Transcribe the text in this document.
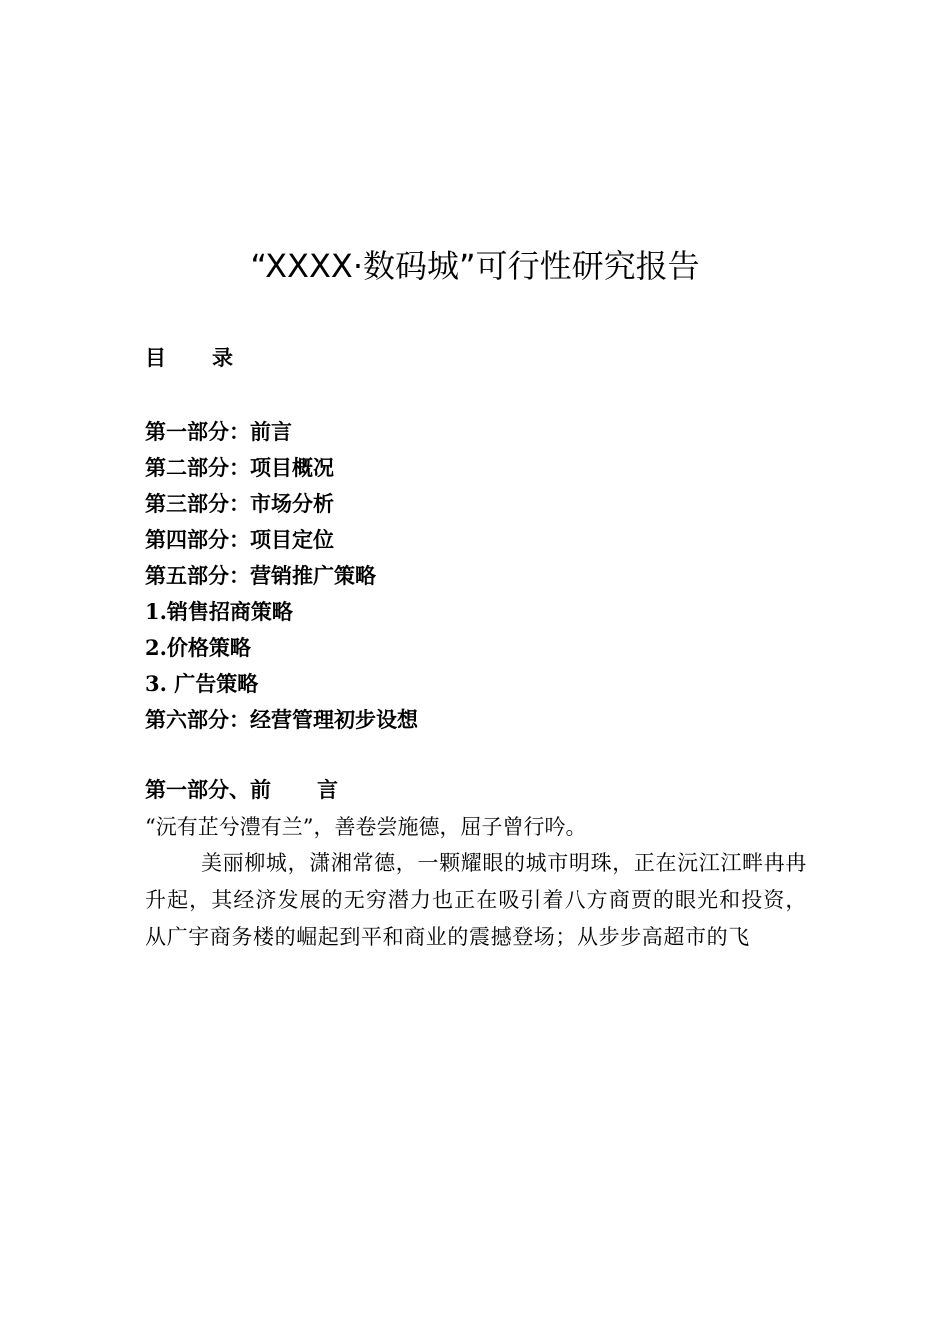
“XXXX·数码城”可行性研究报告
目 录
第一部分：前言
第二部分：项目概况
第三部分：市场分析
第四部分：项目定位
第五部分：营销推广策略
1.销售招商策略
2.价格策略
3. 广告策略
第六部分：经营管理初步设想
第一部分、前 言

“沅有芷兮澧有兰”，善卷尝施德，屈子曾行吟。

美丽柳城，潇湘常德，一颗耀眼的城市明珠，正在沅江江畔冉冉升起，其经济发展的无穷潜力也正在吸引着八方商贾的眼光和投资，从广宇商务楼的崛起到平和商业的震撼登场；从步步高超市的飞
